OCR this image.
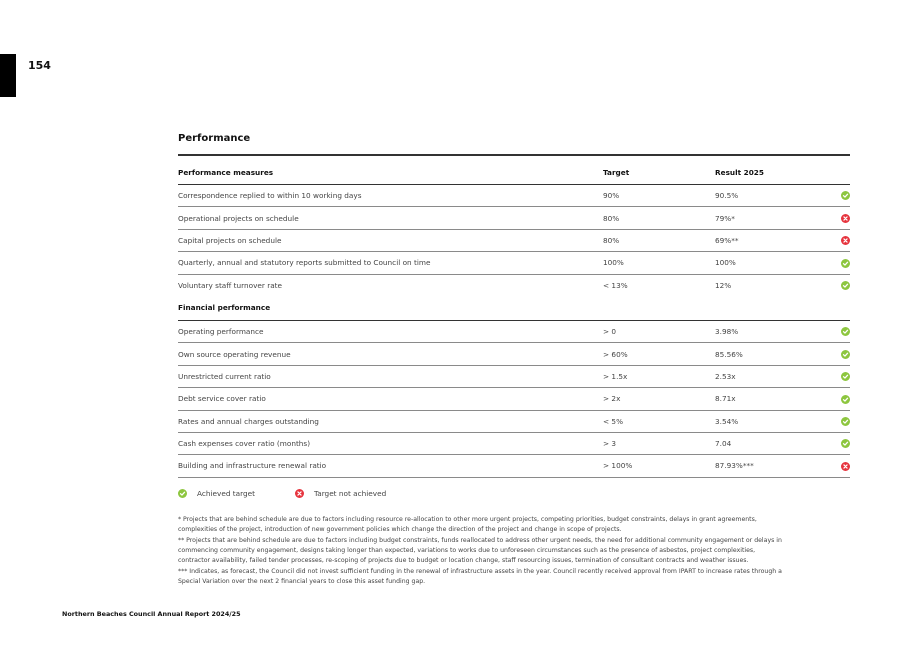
154
Performance
Performance measures	Target	Result 2025	
Correspondence replied to within 10 working days	90%	90.5%	

Operational projects on schedule	80%	79%*	

Capital projects on schedule	80%	69%**	

Quarterly, annual and statutory reports submitted to Council on time	100%	100%	

Voluntary staff turnover rate	< 13%	12%	

Financial performance			
Operating performance	> 0	3.98%	

Own source operating revenue	> 60%	85.56%	

Unrestricted current ratio	> 1.5x	2.53x	

Debt service cover ratio	> 2x	8.71x	

Rates and annual charges outstanding	< 5%	3.54%	

Cash expenses cover ratio (months)	> 3	7.04	

Building and infrastructure renewal ratio	> 100%	87.93%***	
Achieved target	Target not achieved

* Projects that are behind schedule are due to factors including resource re-allocation to other more urgent projects, competing priorities, budget constraints, delays in grant agreements, complexities of the project, introduction of new government policies which change the direction of the project and change in scope of projects.

** Projects that are behind schedule are due to factors including budget constraints, funds reallocated to address other urgent needs, the need for additional community engagement or delays in commencing community engagement, designs taking longer than expected, variations to works due to unforeseen circumstances such as the presence of asbestos, project complexities, contractor availability, failed tender processes, re-scoping of projects due to budget or location change, staff resourcing issues, termination of consultant contracts and weather issues.

*** Indicates, as forecast, the Council did not invest sufficient funding in the renewal of infrastructure assets in the year. Council recently received approval from IPART to increase rates through a Special Variation over the next 2 financial years to close this asset funding gap.

Northern Beaches Council Annual Report 2024/25
